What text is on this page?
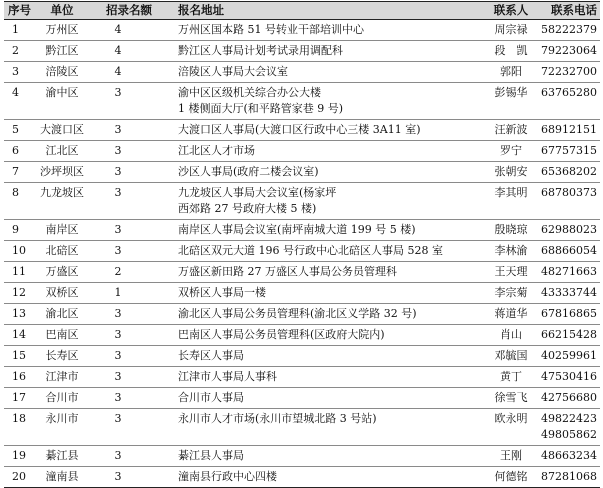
序号	单位	招录名额	报名地址	联系人	联系电话
1	万州区	4	万州区国本路 51 号转业干部培训中心	周宗禄	58222379

2	黔江区	4	黔江区人事局计划考试录用调配科	段　凯	79223064

3	涪陵区	4	涪陵区人事局大会议室	郭阳	72232700

4	渝中区	3	渝中区区级机关综合办公大楼
1 楼侧面大厅(和平路管家巷 9 号)	彭锡华	63765280

5	大渡口区	3	大渡口区人事局(大渡口区行政中心三楼 3A11 室)	汪新波	68912151

6	江北区	3	江北区人才市场	罗宁	67757315

7	沙坪坝区	3	沙区人事局(政府二楼会议室)	张朝安	65368202

8	九龙坡区	3	九龙坡区人事局大会议室(杨家坪
西郊路 27 号政府大楼 5 楼)	李其明	68780373

9	南岸区	3	南岸区人事局会议室(南坪南城大道 199 号 5 楼)	殷晓琼	62988023

10	北碚区	3	北碚区双元大道 196 号行政中心北碚区人事局 528 室	李林渝	68866054

11	万盛区	2	万盛区新田路 27 万盛区人事局公务员管理科	王天理	48271663

12	双桥区	1	双桥区人事局一楼	李宗菊	43333744

13	渝北区	3	渝北区人事局公务员管理科(渝北区义学路 32 号)	蒋道华	67816865

14	巴南区	3	巴南区人事局公务员管理科(区政府大院内)	肖山	66215428

15	长寿区	3	长寿区人事局	邓毓国	40259961

16	江津市	3	江津市人事局人事科	黄丁	47530416

17	合川市	3	合川市人事局	徐雪飞	42756680

18	永川市	3	永川市人才市场(永川市望城北路 3 号站)	欧永明	49822423
49805862

19	綦江县	3	綦江县人事局	王刚	48663234

20	潼南县	3	潼南县行政中心四楼	何德铭	87281068
